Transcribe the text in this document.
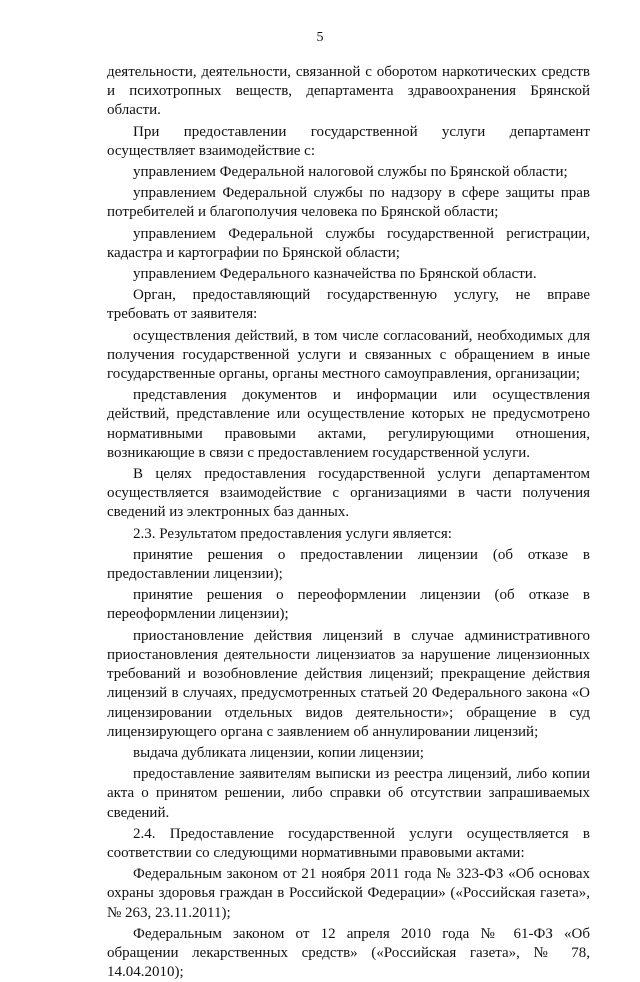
5

деятельности, деятельности, связанной с оборотом наркотических средств и психотропных веществ, департамента здравоохранения Брянской области.

При предоставлении государственной услуги департамент осуществляет взаимодействие с:

управлением Федеральной налоговой службы по Брянской области;

управлением Федеральной службы по надзору в сфере защиты прав потребителей и благополучия человека по Брянской области;

управлением Федеральной службы государственной регистрации, кадастра и картографии по Брянской области;

управлением Федерального казначейства по Брянской области.

Орган, предоставляющий государственную услугу, не вправе требовать от заявителя:

осуществления действий, в том числе согласований, необходимых для получения государственной услуги и связанных с обращением в иные государственные органы, органы местного самоуправления, организации;

представления документов и информации или осуществления действий, представление или осуществление которых не предусмотрено нормативными правовыми актами, регулирующими отношения, возникающие в связи с предоставлением государственной услуги.

В целях предоставления государственной услуги департаментом осуществляется взаимодействие с организациями в части получения сведений из электронных баз данных.

2.3. Результатом предоставления услуги является:

принятие решения о предоставлении лицензии (об отказе в предоставлении лицензии);

принятие решения о переоформлении лицензии (об отказе в переоформлении лицензии);

приостановление действия лицензий в случае административного приостановления деятельности лицензиатов за нарушение лицензионных требований и возобновление действия лицензий; прекращение действия лицензий в случаях, предусмотренных статьей 20 Федерального закона «О лицензировании отдельных видов деятельности»; обращение в суд лицензирующего органа с заявлением об аннулировании лицензий;

выдача дубликата лицензии, копии лицензии;

предоставление заявителям выписки из реестра лицензий, либо копии акта о принятом решении, либо справки об отсутствии запрашиваемых сведений.

2.4. Предоставление государственной услуги осуществляется в соответствии со следующими нормативными правовыми актами:

Федеральным законом от 21 ноября 2011 года № 323-ФЗ «Об основах охраны здоровья граждан в Российской Федерации» («Российская газета», № 263, 23.11.2011);

Федеральным законом от 12 апреля 2010 года № 61-ФЗ «Об обращении лекарственных средств» («Российская газета», № 78, 14.04.2010);
